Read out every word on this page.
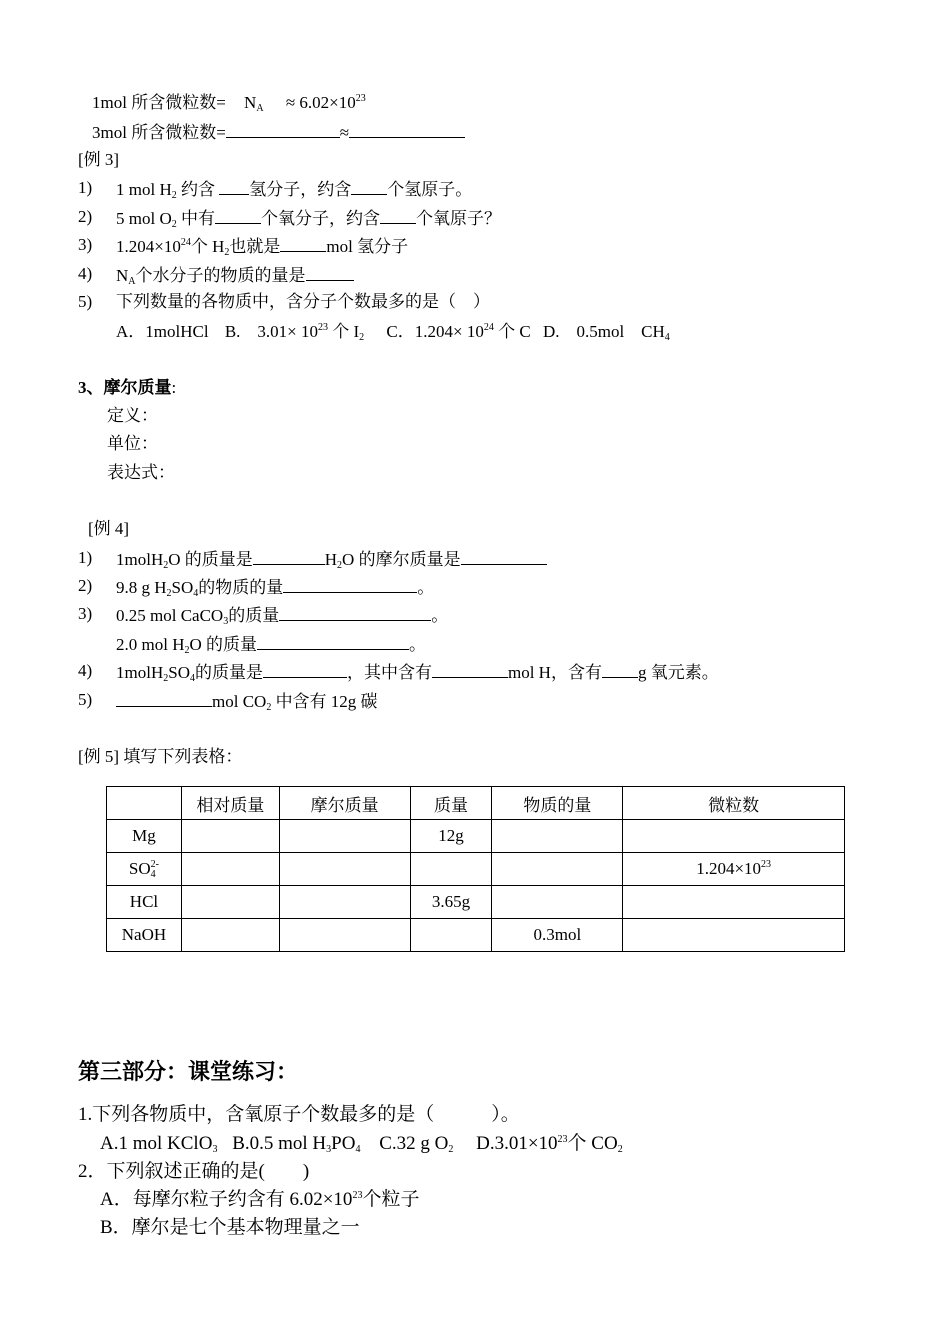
1mol 所含微粒数= $N_A \approx 6.02\times 10^{23}$
3mol 所含微粒数=	≈
[例 3]
1) 1 mol $H_2$ 约含 氢分子，约含 个氢原子。
2) 5 mol $O_2$ 中有	个氧分子，约含 个氧原子？
3) $1.204\times 10^{24}$个 $H_2$也就是	mol 氢分子
4) $N_A$个水分子的物质的量是
5) 下列数量的各物质中，含分子个数最多的是（　）
A．1molHCl B.　$3.01\times 10^{23}$ 个 $I_2$ C．$1.204\times 10^{24}$ 个 C D.　0.5mol　$CH_4$
3、摩尔质量:
定义：
单位：
表达式：
[例 4]
1) 1molH$_2$O 的质量是	$H_2O$ 的摩尔质量是
2) 9.8 g $H_2SO_4$的物质的量	。
3) 0.25 mol CaCO$_3$的质量	。
2.0 mol $H_2O$ 的质量	。
4) $1molH_2SO_4$的质量是	，其中含有	mol H，含有 g 氧元素。
5)	mol $CO_2$ 中含有 12g 碳
[例 5] 填写下列表格：
	相对质量	摩尔质量	质量	物质的量	微粒数
Mg			12g		
$SO_4^{2-}$					$1.204\times 10^{23}$
HCl			3.65g		
NaOH				0.3mol	
第三部分：课堂练习：
1.下列各物质中，含氧原子个数最多的是（　　　）。
A.1 mol KClO$_3$ B.0.5 mol $H_3PO_4$ C.32 g $O_2$ $D.3.01\times 10^{23}$个 $CO_2$
2．下列叙述正确的是(　　)
A．每摩尔粒子约含有 $6.02\times 10^{23}$个粒子
B．摩尔是七个基本物理量之一
